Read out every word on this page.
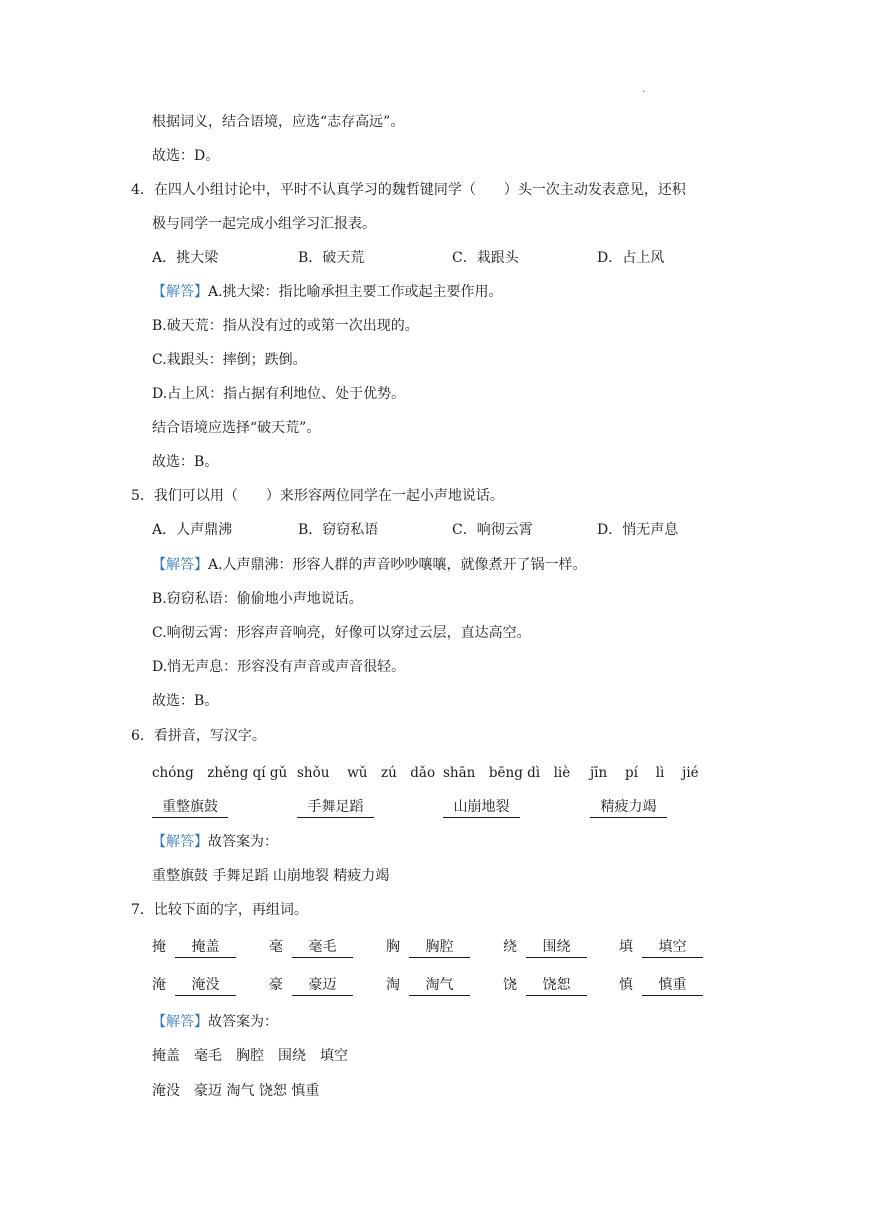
.
根据词义，结合语境，应选“志存高远”。
故选：D。
4．在四人小组讨论中，平时不认真学习的魏哲键同学（　　）头一次主动发表意见，还积
极与同学一起完成小组学习汇报表。
A．挑大梁	B．破天荒	C．栽跟头	D．占上风
【解答】A.挑大梁：指比喻承担主要工作或起主要作用。
B.破天荒：指从没有过的或第一次出现的。
C.栽跟头：摔倒；跌倒。
D.占上风：指占据有利地位、处于优势。
结合语境应选择“破天荒”。
故选：B。
5．我们可以用（　　）来形容两位同学在一起小声地说话。
A．人声鼎沸	B．窃窃私语	C．响彻云霄	D．悄无声息
【解答】A.人声鼎沸：形容人群的声音吵吵嚷嚷，就像煮开了锅一样。
B.窃窃私语：偷偷地小声地说话。
C.响彻云霄：形容声音响亮，好像可以穿过云层，直达高空。
D.悄无声息：形容没有声音或声音很轻。
故选：B。
6．看拼音，写汉字。
chóng　zhěng qí gǔ shǒu　 wǔ　zú　dǎo shān　bēng dì　liè jīn　 pí　 lì　 jié
重整旗鼓	手舞足蹈	山崩地裂	精疲力竭
【解答】故答案为：
重整旗鼓 手舞足蹈 山崩地裂 精疲力竭
7．比较下面的字，再组词。
掩	掩盖	毫	毫毛	胸	胸腔	绕	围绕	填	填空
淹	淹没	豪	豪迈	淘	淘气	饶	饶恕	慎	慎重
【解答】故答案为：
掩盖　毫毛　胸腔　围绕　填空
淹没　豪迈 淘气 饶恕 慎重
